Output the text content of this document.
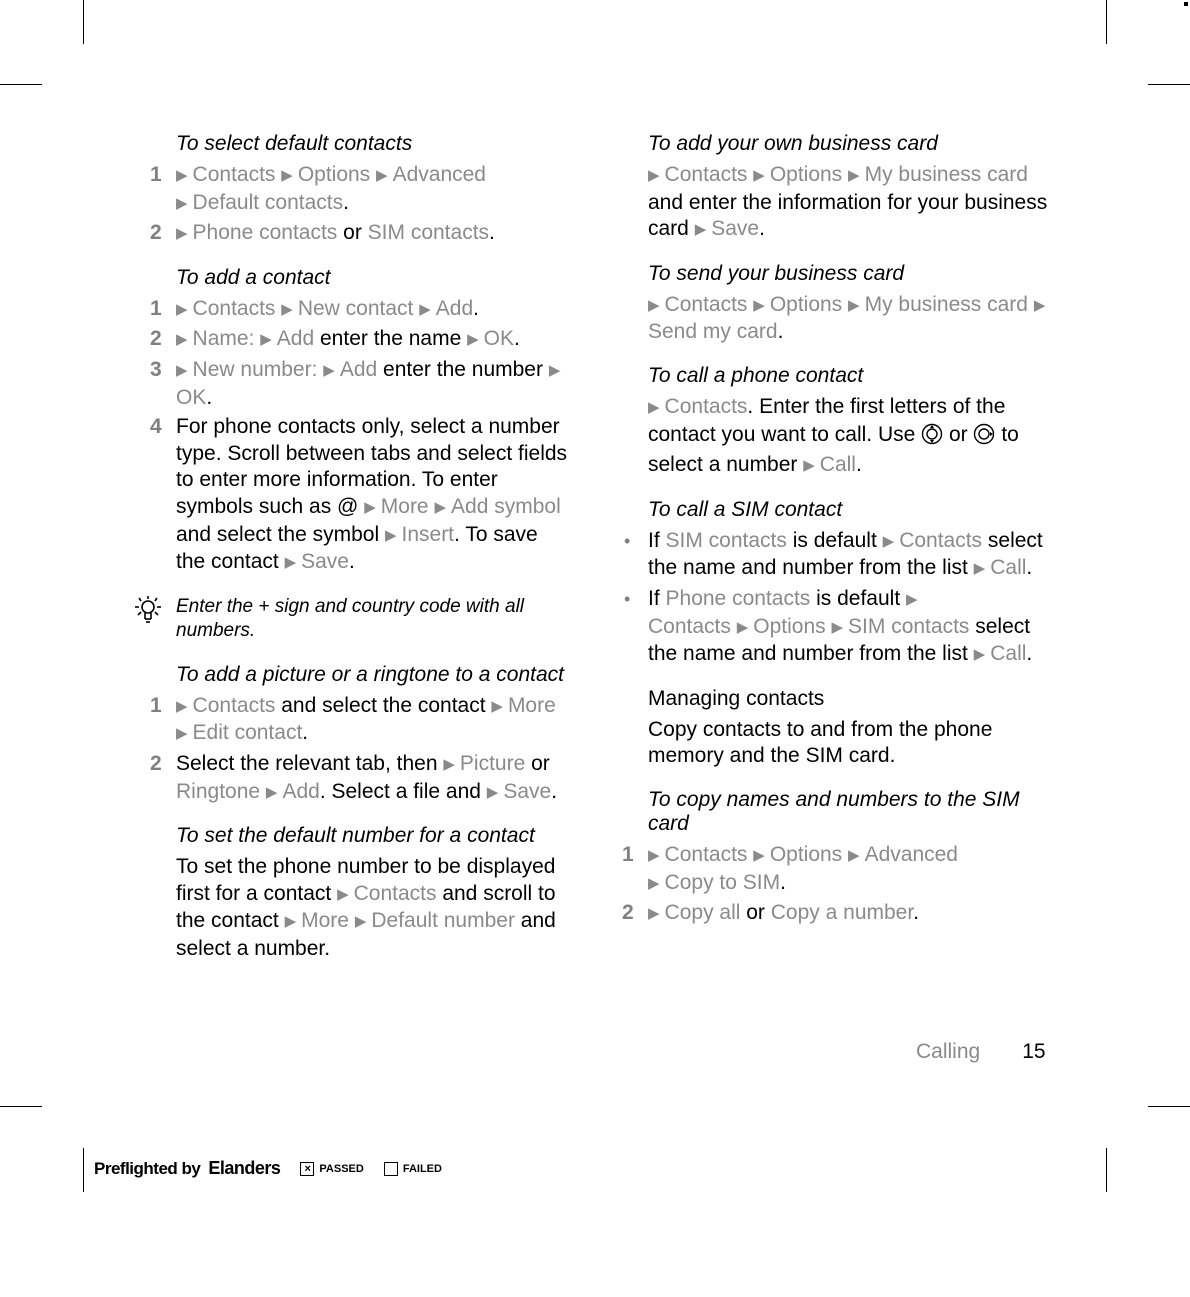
To select default contacts
1 ▶ Contacts ▶ Options ▶ Advanced
▶ Default contacts.
2 ▶ Phone contacts or SIM contacts.
To add a contact
1 ▶ Contacts ▶ New contact ▶ Add.
2 ▶ Name: ▶ Add enter the name ▶ OK.
3 ▶ New number: ▶ Add enter the number ▶OK.
4 For phone contacts only, select a number type. Scroll between tabs and select fields to enter more information. To enter symbols such as @ ▶ More ▶ Add symbol and select the symbol ▶ Insert. To save the contact ▶ Save.
Enter the + sign and country code with all numbers.
To add a picture or a ringtone to a contact
1 ▶ Contacts and select the contact ▶ More ▶ Edit contact.
2 Select the relevant tab, then ▶ Picture or Ringtone ▶ Add. Select a file and ▶ Save.
To set the default number for a contact
To set the phone number to be displayed first for a contact ▶ Contacts and scroll to the contact ▶ More ▶ Default number and select a number.
To add your own business card
▶ Contacts ▶ Options ▶ My business card and enter the information for your business card ▶ Save.
To send your business card
▶ Contacts ▶ Options ▶ My business card ▶Send my card.
To call a phone contact
▶ Contacts. Enter the first letters of the contact you want to call. Use  or  to select a number ▶ Call.
To call a SIM contact
• If SIM contacts is default ▶ Contacts select the name and number from the list ▶ Call.
• If Phone contacts is default ▶
Contacts ▶ Options ▶ SIM contacts select the name and number from the list ▶ Call.
Managing contacts
Copy contacts to and from the phone memory and the SIM card.
To copy names and numbers to the SIM card
1 ▶ Contacts ▶ Options ▶ Advanced
▶ Copy to SIM.
2 ▶ Copy all or Copy a number.
Calling 15
Preflighted by Elanders	× PASSED	FAILED
